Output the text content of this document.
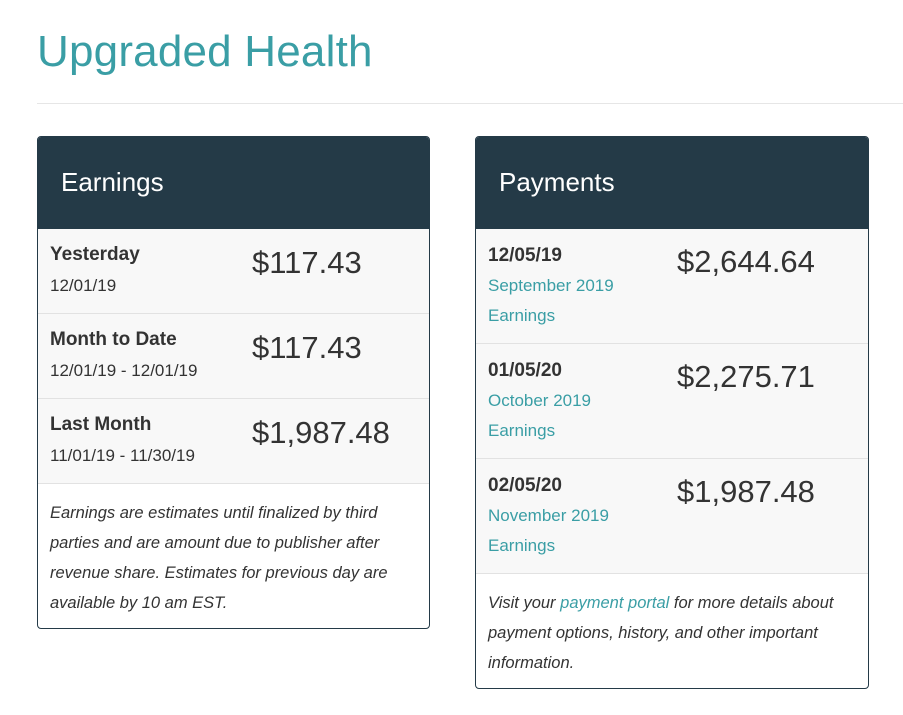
Upgraded Health
Earnings
Yesterday
12/01/19
$117.43
Month to Date
12/01/19 - 12/01/19
$117.43
Last Month
11/01/19 - 11/30/19
$1,987.48
Earnings are estimates until finalized by third parties and are amount due to publisher after revenue share. Estimates for previous day are available by 10 am EST.
Payments
12/05/19
September 2019
Earnings
$2,644.64
01/05/20
October 2019
Earnings
$2,275.71
02/05/20
November 2019
Earnings
$1,987.48
Visit your payment portal for more details about payment options, history, and other important information.
